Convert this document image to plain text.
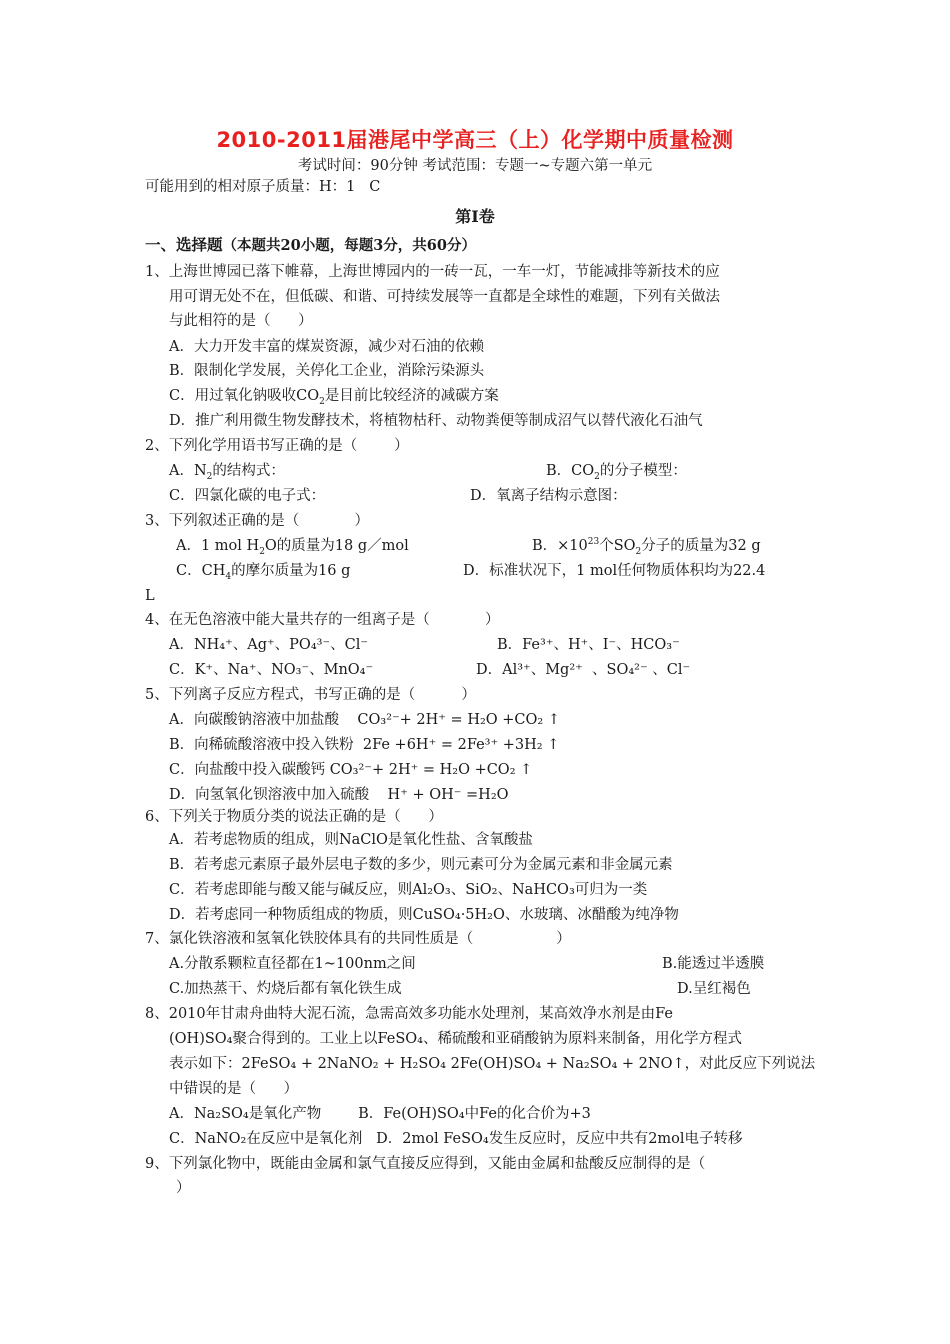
2010-2011届港尾中学高三（上）化学期中质量检测
考试时间：90分钟 考试范围：专题一~专题六第一单元
可能用到的相对原子质量：H：1   C
第Ⅰ卷
一、选择题（本题共20小题，每题3分，共60分）
1、上海世博园已落下帷幕，上海世博园内的一砖一瓦，一车一灯，节能减排等新技术的应
用可谓无处不在，但低碳、和谐、可持续发展等一直都是全球性的难题，下列有关做法
与此相符的是（      ）
A．大力开发丰富的煤炭资源，减少对石油的依赖
B．限制化学发展，关停化工企业，消除污染源头
C．用过氧化钠吸收$CO_2$是目前比较经济的减碳方案
D．推广利用微生物发酵技术，将植物枯秆、动物粪便等制成沼气以替代液化石油气
2、下列化学用语书写正确的是（        ）
A．$N_2$的结构式：	B．$CO_2$的分子模型：
C．四氯化碳的电子式：	D．氧离子结构示意图：
3、下列叙述正确的是（            ）
A．1 mol $H_2O$的质量为18 g／mol	B．$\times 10^{23}$个$SO_2$分子的质量为32 g
C．$CH_4$的摩尔质量为16 g	D．标准状况下，1 mol任何物质体积均为22.4
L
4、在无色溶液中能大量共存的一组离子是（            ）
A．NH₄⁺、Ag⁺、PO₄³⁻、Cl⁻	B．Fe³⁺、H⁺、I⁻、HCO₃⁻
C．K⁺、Na⁺、NO₃⁻、MnO₄⁻	D．Al³⁺、Mg²⁺  、SO₄²⁻ 、Cl⁻
5、下列离子反应方程式，书写正确的是（          ）
A．向碳酸钠溶液中加盐酸    CO₃²⁻+ 2H⁺ = H₂O +CO₂ ↑
B．向稀硫酸溶液中投入铁粉  2Fe +6H⁺ = 2Fe³⁺ +3H₂ ↑
C．向盐酸中投入碳酸钙 CO₃²⁻+ 2H⁺ = H₂O +CO₂ ↑
D．向氢氧化钡溶液中加入硫酸    H⁺ + OH⁻ =H₂O
6、下列关于物质分类的说法正确的是（      ）
A．若考虑物质的组成，则NaClO是氧化性盐、含氧酸盐
B．若考虑元素原子最外层电子数的多少，则元素可分为金属元素和非金属元素
C．若考虑即能与酸又能与碱反应，则Al₂O₃、SiO₂、NaHCO₃可归为一类
D．若考虑同一种物质组成的物质，则CuSO₄·5H₂O、水玻璃、冰醋酸为纯净物
7、氯化铁溶液和氢氧化铁胶体具有的共同性质是（                  ）
A.分散系颗粒直径都在1~100nm之间	B.能透过半透膜
C.加热蒸干、灼烧后都有氧化铁生成	D.呈红褐色
8、2010年甘肃舟曲特大泥石流，急需高效多功能水处理剂，某高效净水剂是由Fe
(OH)SO₄聚合得到的。工业上以FeSO₄、稀硫酸和亚硝酸钠为原料来制备，用化学方程式
表示如下：2FeSO₄ + 2NaNO₂ + H₂SO₄ 2Fe(OH)SO₄ + Na₂SO₄ + 2NO↑，对此反应下列说法
中错误的是（      ）
A．Na₂SO₄是氧化产物        B．Fe(OH)SO₄中Fe的化合价为+3
C．NaNO₂在反应中是氧化剂   D．2mol FeSO₄发生反应时，反应中共有2mol电子转移
9、下列氯化物中，既能由金属和氯气直接反应得到，又能由金属和盐酸反应制得的是（
）
